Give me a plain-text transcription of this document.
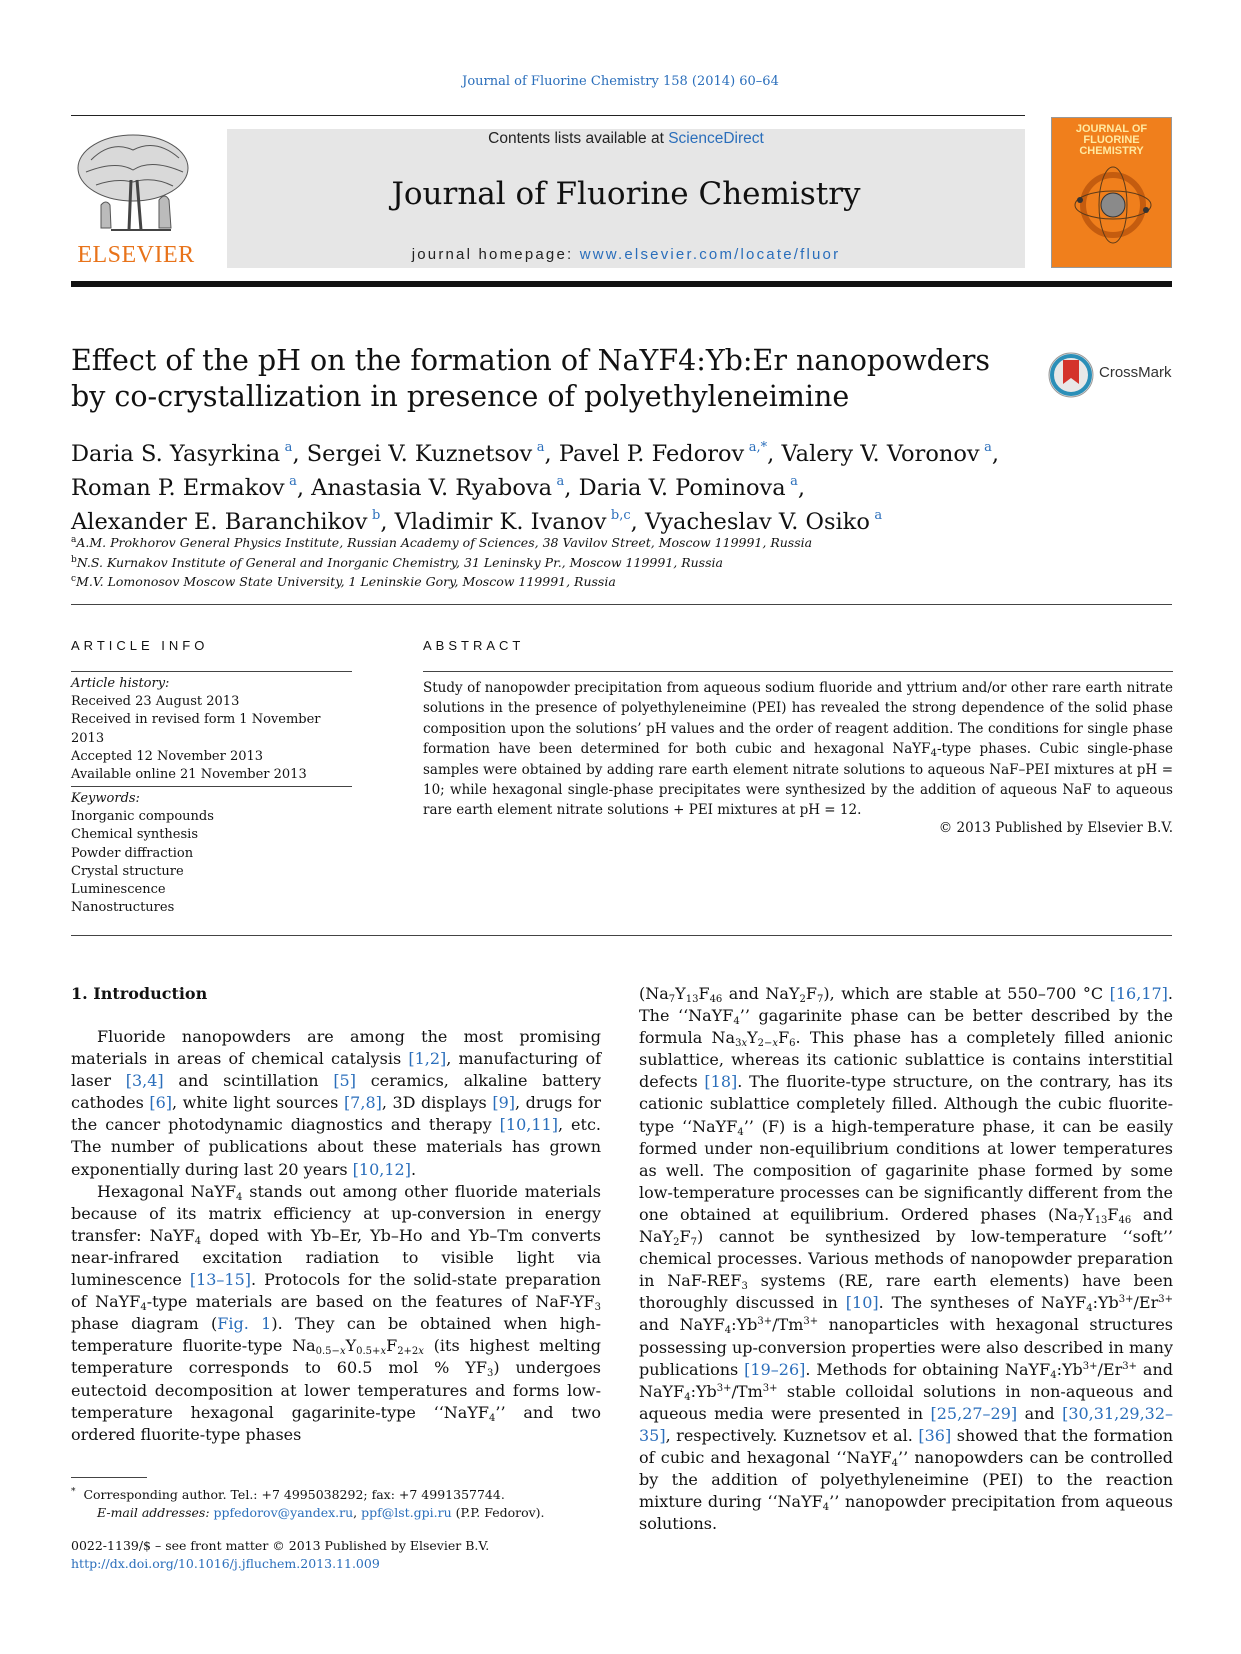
Journal of Fluorine Chemistry 158 (2014) 60–64
ELSEVIER
Contents lists available at ScienceDirect
Journal of Fluorine Chemistry
journal homepage: www.elsevier.com/locate/fluor
JOURNAL OF FLUORINE CHEMISTRY
Effect of the pH on the formation of NaYF4:Yb:Er nanopowders by co-crystallization in presence of polyethyleneimine
CrossMark
Daria S. Yasyrkina  $^a$, Sergei V. Kuznetsov  $^a$, Pavel P. Fedorov  $^{a,*}$, Valery V. Voronov  $^a$,
Roman P. Ermakov  $^a$, Anastasia V. Ryabova  $^a$, Daria V. Pominova  $^a$,
Alexander E. Baranchikov  $^b$, Vladimir K. Ivanov  $^{b,c}$, Vyacheslav V. Osiko  $^a$
$^a$A.M. Prokhorov General Physics Institute, Russian Academy of Sciences, 38 Vavilov Street, Moscow 119991, Russia
$^b$N.S. Kurnakov Institute of General and Inorganic Chemistry, 31 Leninsky Pr., Moscow 119991, Russia
$^c$M.V. Lomonosov Moscow State University, 1 Leninskie Gory, Moscow 119991, Russia
ARTICLE INFO
Article history:
Received 23 August 2013
Received in revised form 1 November 2013
Accepted 12 November 2013
Available online 21 November 2013
Keywords:
Inorganic compounds
Chemical synthesis
Powder diffraction
Crystal structure
Luminescence
Nanostructures
ABSTRACT
Study of nanopowder precipitation from aqueous sodium fluoride and yttrium and/or other rare earth nitrate solutions in the presence of polyethyleneimine (PEI) has revealed the strong dependence of the solid phase composition upon the solutions’ pH values and the order of reagent addition. The conditions for single phase formation have been determined for both cubic and hexagonal NaYF$_4$-type phases. Cubic single-phase samples were obtained by adding rare earth element nitrate solutions to aqueous NaF–PEI mixtures at pH = 10; while hexagonal single-phase precipitates were synthesized by the addition of aqueous NaF to aqueous rare earth element nitrate solutions + PEI mixtures at pH = 12.
© 2013 Published by Elsevier B.V.
1. Introduction

Fluoride nanopowders are among the most promising materials in areas of chemical catalysis [1,2], manufacturing of laser [3,4] and scintillation [5] ceramics, alkaline battery cathodes [6], white light sources [7,8], 3D displays [9], drugs for the cancer photodynamic diagnostics and therapy [10,11], etc. The number of publications about these materials has grown exponentially during last 20 years [10,12].

Hexagonal NaYF$_4$ stands out among other fluoride materials because of its matrix efficiency at up-conversion in energy transfer: NaYF$_4$ doped with Yb–Er, Yb–Ho and Yb–Tm converts near-infrared excitation radiation to visible light via luminescence [13–15]. Protocols for the solid-state preparation of NaYF$_4$-type materials are based on the features of NaF-$YF_3$ phase diagram (Fig. 1). They can be obtained when high-temperature fluorite-type $Na_{0.5-x}Y_{0.5+x}F_{2+2x}$ (its highest melting temperature corresponds to 60.5 mol % $YF_3$) undergoes eutectoid decomposition at lower temperatures and forms low-temperature hexagonal gagarinite-type ‘‘NaYF$_4$’’ and two ordered fluorite-type phases

($Na_7Y_{13}F_{46}$ and $NaY_2F_7$), which are stable at 550–700 °C [16,17]. The ‘‘NaYF$_4$’’ gagarinite phase can be better described by the formula $Na_{3x}Y_{2-x}F_6$. This phase has a completely filled anionic sublattice, whereas its cationic sublattice is contains interstitial defects [18]. The fluorite-type structure, on the contrary, has its cationic sublattice completely filled. Although the cubic fluorite-type ‘‘NaYF$_4$’’ (F) is a high-temperature phase, it can be easily formed under non-equilibrium conditions at lower temperatures as well. The composition of gagarinite phase formed by some low-temperature processes can be significantly different from the one obtained at equilibrium. Ordered phases ($Na_7Y_{13}F_{46}$ and $NaY_2F_7$) cannot be synthesized by low-temperature ‘‘soft’’ chemical processes. Various methods of nanopowder preparation in NaF-$REF_3$ systems (RE, rare earth elements) have been thoroughly discussed in [10]. The syntheses of $NaYF_4:Yb^{3+}/Er^{3+}$ and $NaYF_4:Yb^{3+}/Tm^{3+}$ nanoparticles with hexagonal structures possessing up-conversion properties were also described in many publications [19–26]. Methods for obtaining $NaYF_4:Yb^{3+}/Er^{3+}$ and $NaYF_4:Yb^{3+}/Tm^{3+}$ stable colloidal solutions in non-aqueous and aqueous media were presented in [25,27–29] and [30,31,29,32–35], respectively. Kuznetsov et al. [36] showed that the formation of cubic and hexagonal ‘‘NaYF$_4$’’ nanopowders can be controlled by the addition of polyethyleneimine (PEI) to the reaction mixture during ‘‘NaYF$_4$’’ nanopowder precipitation from aqueous solutions.

* Corresponding author. Tel.: +7 4995038292; fax: +7 4991357744.
E-mail addresses: ppfedorov@yandex.ru, ppf@lst.gpi.ru (P.P. Fedorov).
0022-1139/$ – see front matter © 2013 Published by Elsevier B.V.
http://dx.doi.org/10.1016/j.jfluchem.2013.11.009
